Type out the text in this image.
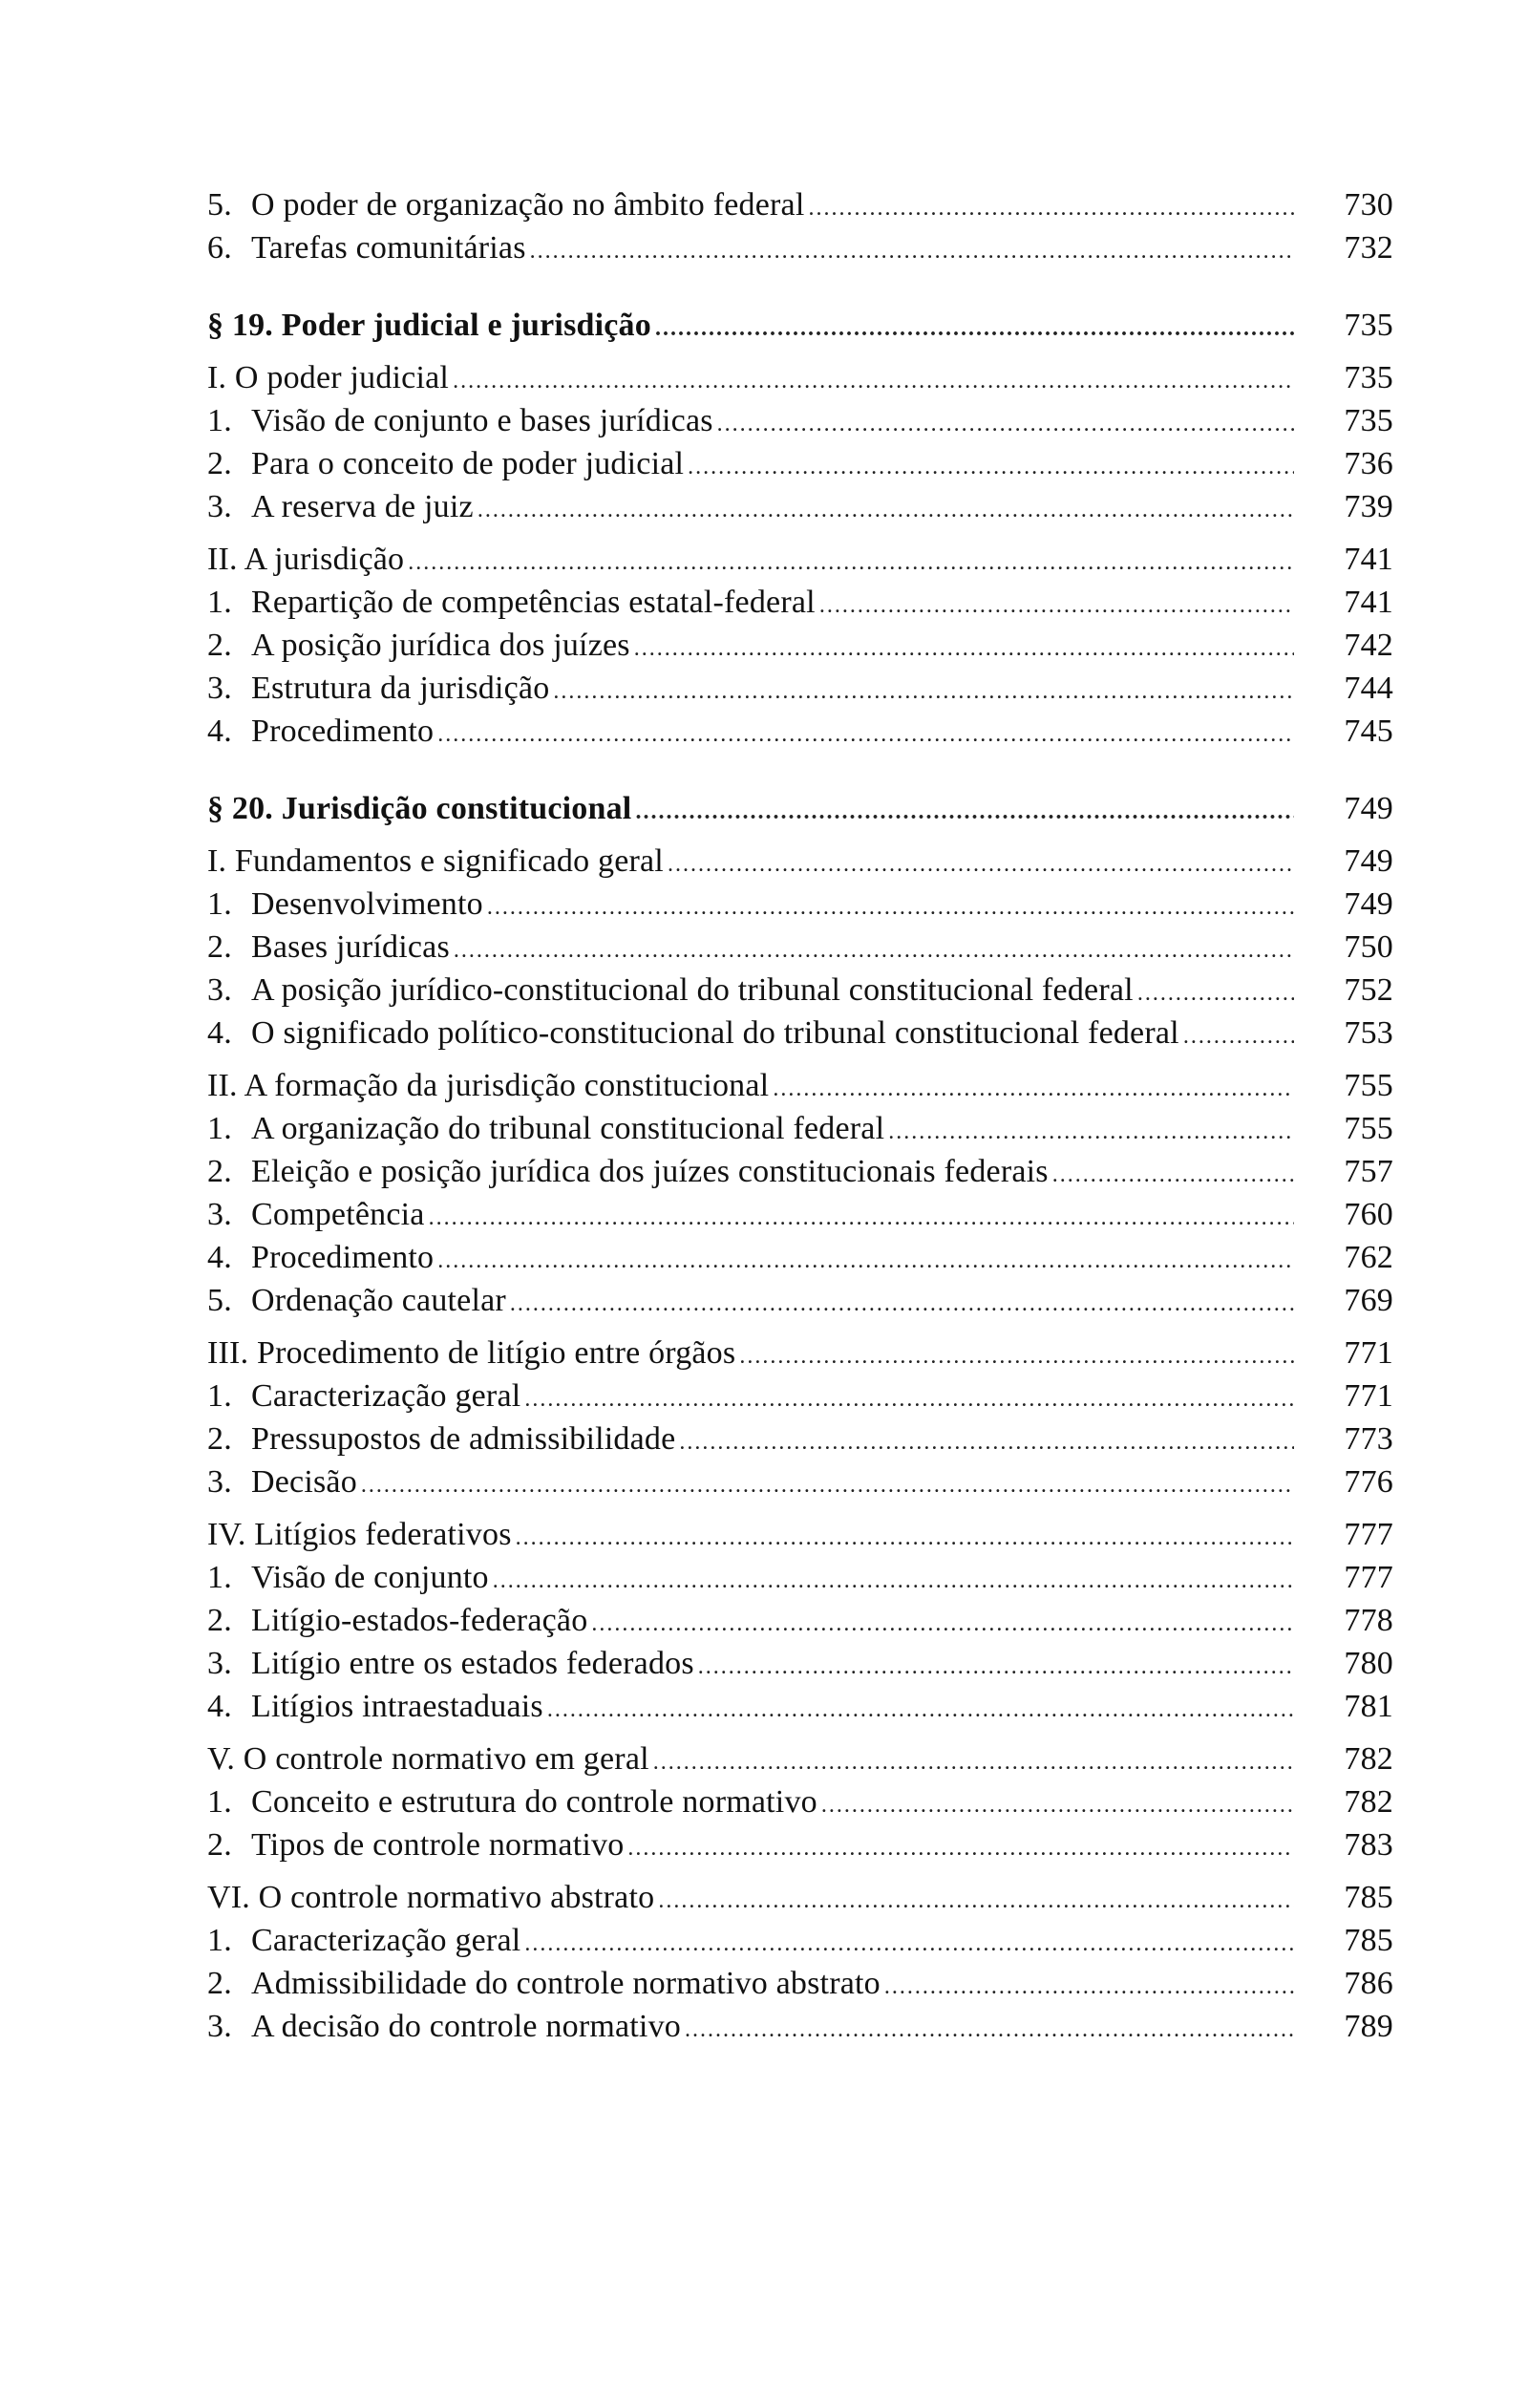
5. O poder de organização no âmbito federal .....	730
6. Tarefas comunitárias .....	732
§ 19. Poder judicial e jurisdição .....	735
I. O poder judicial .....	735
1. Visão de conjunto e bases jurídicas .....	735
2. Para o conceito de poder judicial .....	736
3. A reserva de juiz .....	739
II. A jurisdição .....	741
1. Repartição de competências estatal-federal .....	741
2. A posição jurídica dos juízes .....	742
3. Estrutura da jurisdição .....	744
4. Procedimento .....	745
§ 20. Jurisdição constitucional .....	749
I. Fundamentos e significado geral .....	749
1. Desenvolvimento .....	749
2. Bases jurídicas .....	750
3. A posição jurídico-constitucional do tribunal constitucional federal .....	752
4. O significado político-constitucional do tribunal constitucional federal .....	753
II. A formação da jurisdição constitucional .....	755
1. A organização do tribunal constitucional federal .....	755
2. Eleição e posição jurídica dos juízes constitucionais federais .....	757
3. Competência .....	760
4. Procedimento .....	762
5. Ordenação cautelar .....	769
III. Procedimento de litígio entre órgãos .....	771
1. Caracterização geral .....	771
2. Pressupostos de admissibilidade .....	773
3. Decisão .....	776
IV. Litígios federativos .....	777
1. Visão de conjunto .....	777
2. Litígio-estados-federação .....	778
3. Litígio entre os estados federados .....	780
4. Litígios intraestaduais .....	781
V. O controle normativo em geral .....	782
1. Conceito e estrutura do controle normativo .....	782
2. Tipos de controle normativo .....	783
VI. O controle normativo abstrato .....	785
1. Caracterização geral .....	785
2. Admissibilidade do controle normativo abstrato .....	786
3. A decisão do controle normativo .....	789
